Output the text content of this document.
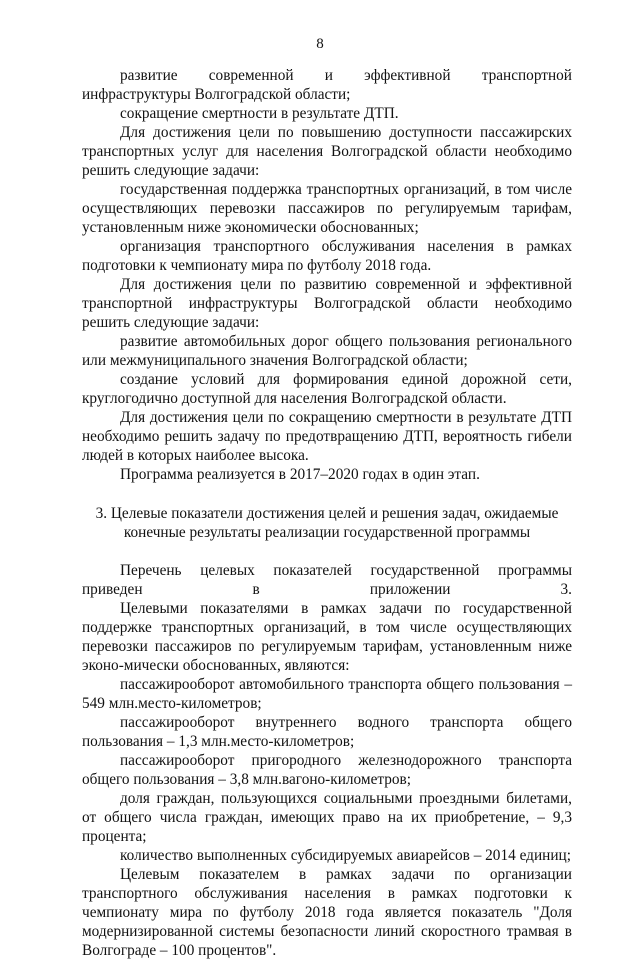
8

развитие современной и эффективной транспортной инфраструктуры Волгоградской области;

сокращение смертности в результате ДТП.

Для достижения цели по повышению доступности пассажирских транспортных услуг для населения Волгоградской области необходимо решить следующие задачи:

государственная поддержка транспортных организаций, в том числе осуществляющих перевозки пассажиров по регулируемым тарифам, установленным ниже экономически обоснованных;

организация транспортного обслуживания населения в рамках подготовки к чемпионату мира по футболу 2018 года.

Для достижения цели по развитию современной и эффективной транспортной инфраструктуры Волгоградской области необходимо решить следующие задачи:

развитие автомобильных дорог общего пользования регионального или межмуниципального значения Волгоградской области;

создание условий для формирования единой дорожной сети, круглогодично доступной для населения Волгоградской области.

Для достижения цели по сокращению смертности в результате ДТП необходимо решить задачу по предотвращению ДТП, вероятность гибели людей в которых наиболее высока.

Программа реализуется в 2017–2020 годах в один этап.

3. Целевые показатели достижения целей и решения задач, ожидаемые
конечные результаты реализации государственной программы

Перечень целевых показателей государственной программы приведен в приложении 3.

Целевыми показателями в рамках задачи по государственной поддержке транспортных организаций, в том числе осуществляющих перевозки пассажиров по регулируемым тарифам, установленным ниже эконо-мически обоснованных, являются:

пассажирооборот автомобильного транспорта общего пользования – 549 млн.место-километров;

пассажирооборот внутреннего водного транспорта общего пользования – 1,3 млн.место-километров;

пассажирооборот пригородного железнодорожного транспорта общего пользования – 3,8 млн.вагоно-километров;

доля граждан, пользующихся социальными проездными билетами, от общего числа граждан, имеющих право на их приобретение, – 9,3 процента;

количество выполненных субсидируемых авиарейсов – 2014 единиц;

Целевым показателем в рамках задачи по организации транспортного обслуживания населения в рамках подготовки к чемпионату мира по футболу 2018 года является показатель "Доля модернизированной системы безопасности линий скоростного трамвая в Волгограде – 100 процентов".
